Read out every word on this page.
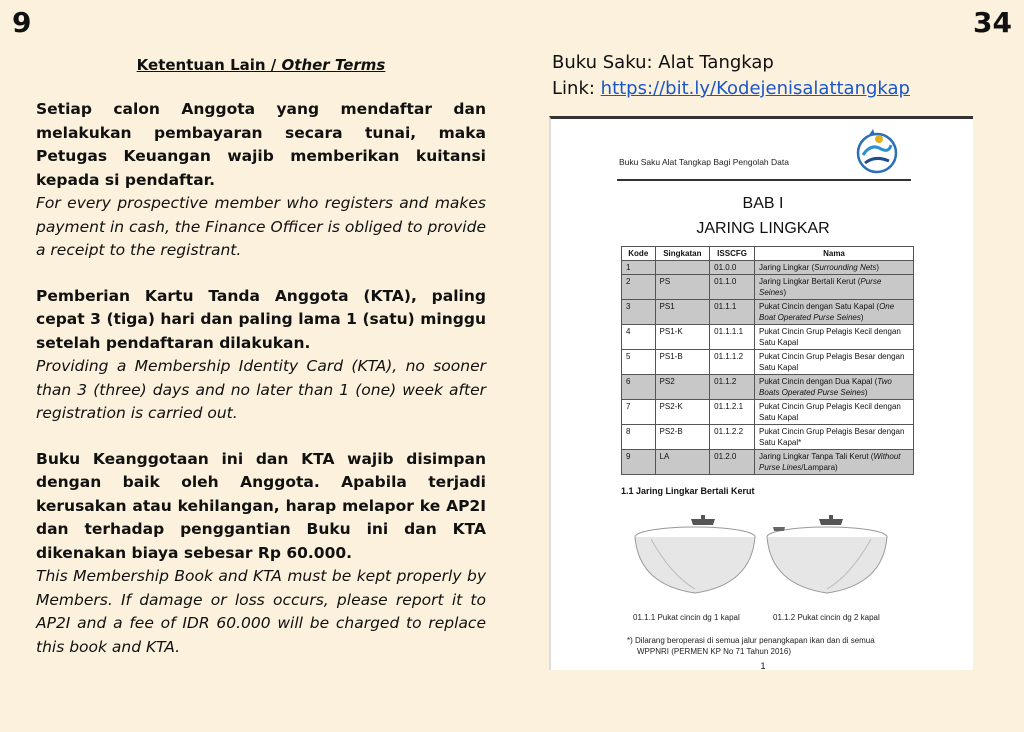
9	34
Ketentuan Lain / Other Terms
Setiap calon Anggota yang mendaftar dan melakukan pembayaran secara tunai, maka Petugas Keuangan wajib memberikan kuitansi kepada si pendaftar.
For every prospective member who registers and makes payment in cash, the Finance Officer is obliged to provide a receipt to the registrant.
Pemberian Kartu Tanda Anggota (KTA), paling cepat 3 (tiga) hari dan paling lama 1 (satu) minggu setelah pendaftaran dilakukan.
Providing a Membership Identity Card (KTA), no sooner than 3 (three) days and no later than 1 (one) week after registration is carried out.
Buku Keanggotaan ini dan KTA wajib disimpan dengan baik oleh Anggota. Apabila terjadi kerusakan atau kehilangan, harap melapor ke AP2I dan terhadap penggantian Buku ini dan KTA dikenakan biaya sebesar Rp 60.000.
This Membership Book and KTA must be kept properly by Members. If damage or loss occurs, please report it to AP2I and a fee of IDR 60.000 will be charged to replace this book and KTA.
Buku Saku: Alat Tangkap
Link: https://bit.ly/Kodejenisalattangkap
Buku Saku Alat Tangkap Bagi Pengolah Data
BAB I
JARING LINGKAR
Kode	Singkatan	ISSCFG	Nama
1		01.0.0	Jaring Lingkar (Surrounding Nets)
2	PS	01.1.0	Jaring Lingkar Bertali Kerut (Purse Seines)
3	PS1	01.1.1	Pukat Cincin dengan Satu Kapal (One Boat Operated Purse Seines)
4	PS1-K	01.1.1.1	Pukat Cincin Grup Pelagis Kecil dengan Satu Kapal
5	PS1-B	01.1.1.2	Pukat Cincin Grup Pelagis Besar dengan Satu Kapal
6	PS2	01.1.2	Pukat Cincin dengan Dua Kapal (Two Boats Operated Purse Seines)
7	PS2-K	01.1.2.1	Pukat Cincin Grup Pelagis Kecil dengan Satu Kapal
8	PS2-B	01.1.2.2	Pukat Cincin Grup Pelagis Besar dengan Satu Kapal*
9	LA	01.2.0	Jaring Lingkar Tanpa Tali Kerut (Without Purse Lines/Lampara)
1.1 Jaring Lingkar Bertali Kerut
01.1.1 Pukat cincin dg 1 kapal	01.1.2 Pukat cincin dg 2 kapal
*) Dilarang beroperasi di semua jalur penangkapan ikan dan di semua
WPPNRI (PERMEN KP No 71 Tahun 2016)
1
